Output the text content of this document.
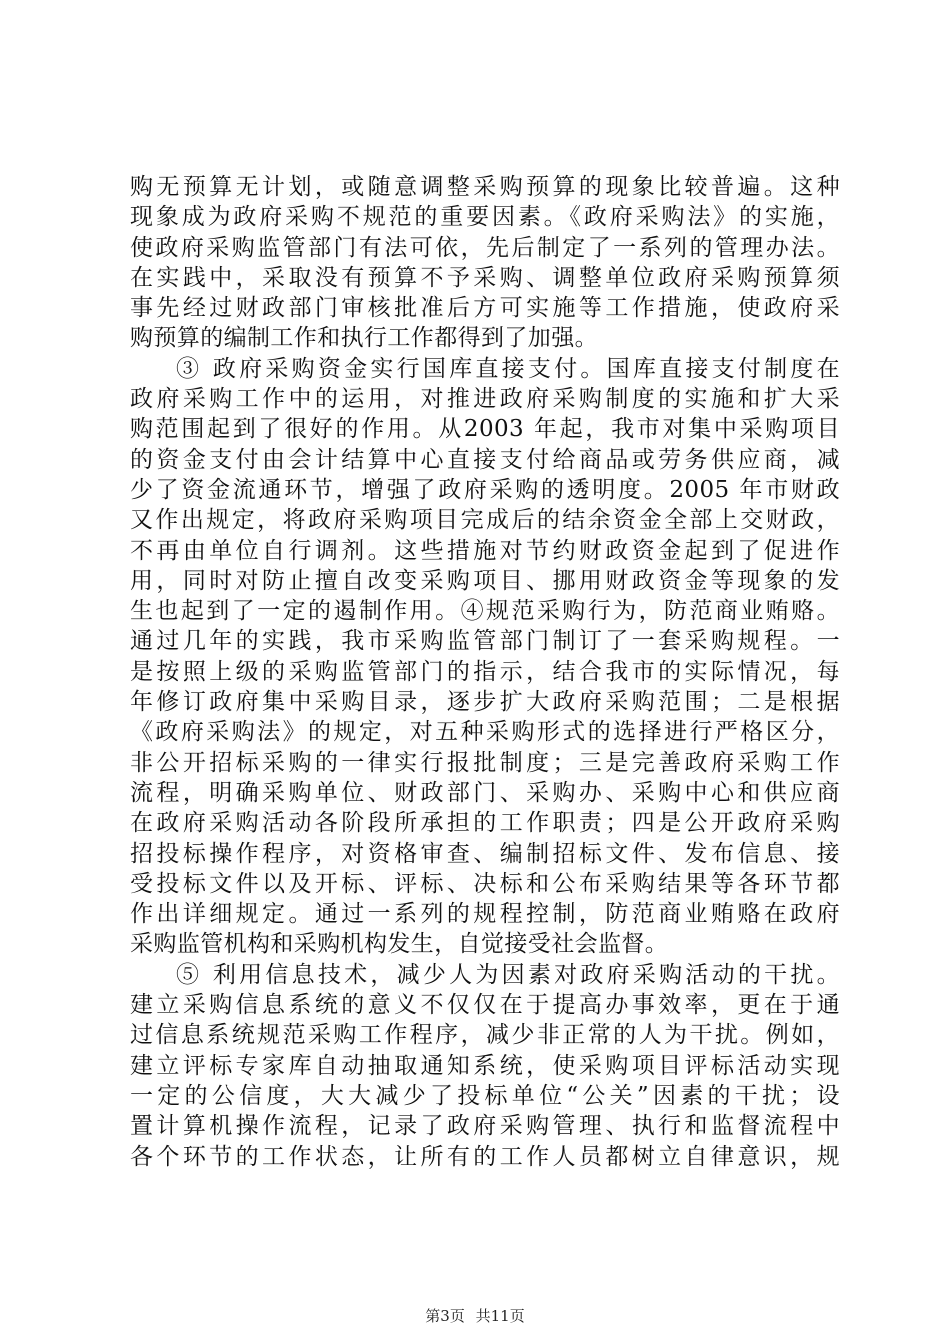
购无预算无计划，或随意调整采购预算的现象比较普遍。这种
现象成为政府采购不规范的重要因素。《政府采购法》的实施，
使政府采购监管部门有法可依，先后制定了一系列的管理办法。
在实践中，采取没有预算不予采购、调整单位政府采购预算须
事先经过财政部门审核批准后方可实施等工作措施，使政府采
购预算的编制工作和执行工作都得到了加强。
③ 政府采购资金实行国库直接支付。国库直接支付制度在
政府采购工作中的运用，对推进政府采购制度的实施和扩大采
购范围起到了很好的作用。从2003 年起，我市对集中采购项目
的资金支付由会计结算中心直接支付给商品或劳务供应商，减
少了资金流通环节，增强了政府采购的透明度。2005 年市财政
又作出规定，将政府采购项目完成后的结余资金全部上交财政，
不再由单位自行调剂。这些措施对节约财政资金起到了促进作
用，同时对防止擅自改变采购项目、挪用财政资金等现象的发
生也起到了一定的遏制作用。④规范采购行为，防范商业贿赂。
通过几年的实践，我市采购监管部门制订了一套采购规程。一
是按照上级的采购监管部门的指示，结合我市的实际情况，每
年修订政府集中采购目录，逐步扩大政府采购范围；二是根据
《政府采购法》的规定，对五种采购形式的选择进行严格区分，
非公开招标采购的一律实行报批制度；三是完善政府采购工作
流程，明确采购单位、财政部门、采购办、采购中心和供应商
在政府采购活动各阶段所承担的工作职责；四是公开政府采购
招投标操作程序，对资格审查、编制招标文件、发布信息、接
受投标文件以及开标、评标、决标和公布采购结果等各环节都
作出详细规定。通过一系列的规程控制，防范商业贿赂在政府
采购监管机构和采购机构发生，自觉接受社会监督。
⑤ 利用信息技术，减少人为因素对政府采购活动的干扰。
建立采购信息系统的意义不仅仅在于提高办事效率，更在于通
过信息系统规范采购工作程序，减少非正常的人为干扰。例如，
建立评标专家库自动抽取通知系统，使采购项目评标活动实现
一定的公信度，大大减少了投标单位“公关”因素的干扰；设
置计算机操作流程，记录了政府采购管理、执行和监督流程中
各个环节的工作状态，让所有的工作人员都树立自律意识，规
第3页 共11页
